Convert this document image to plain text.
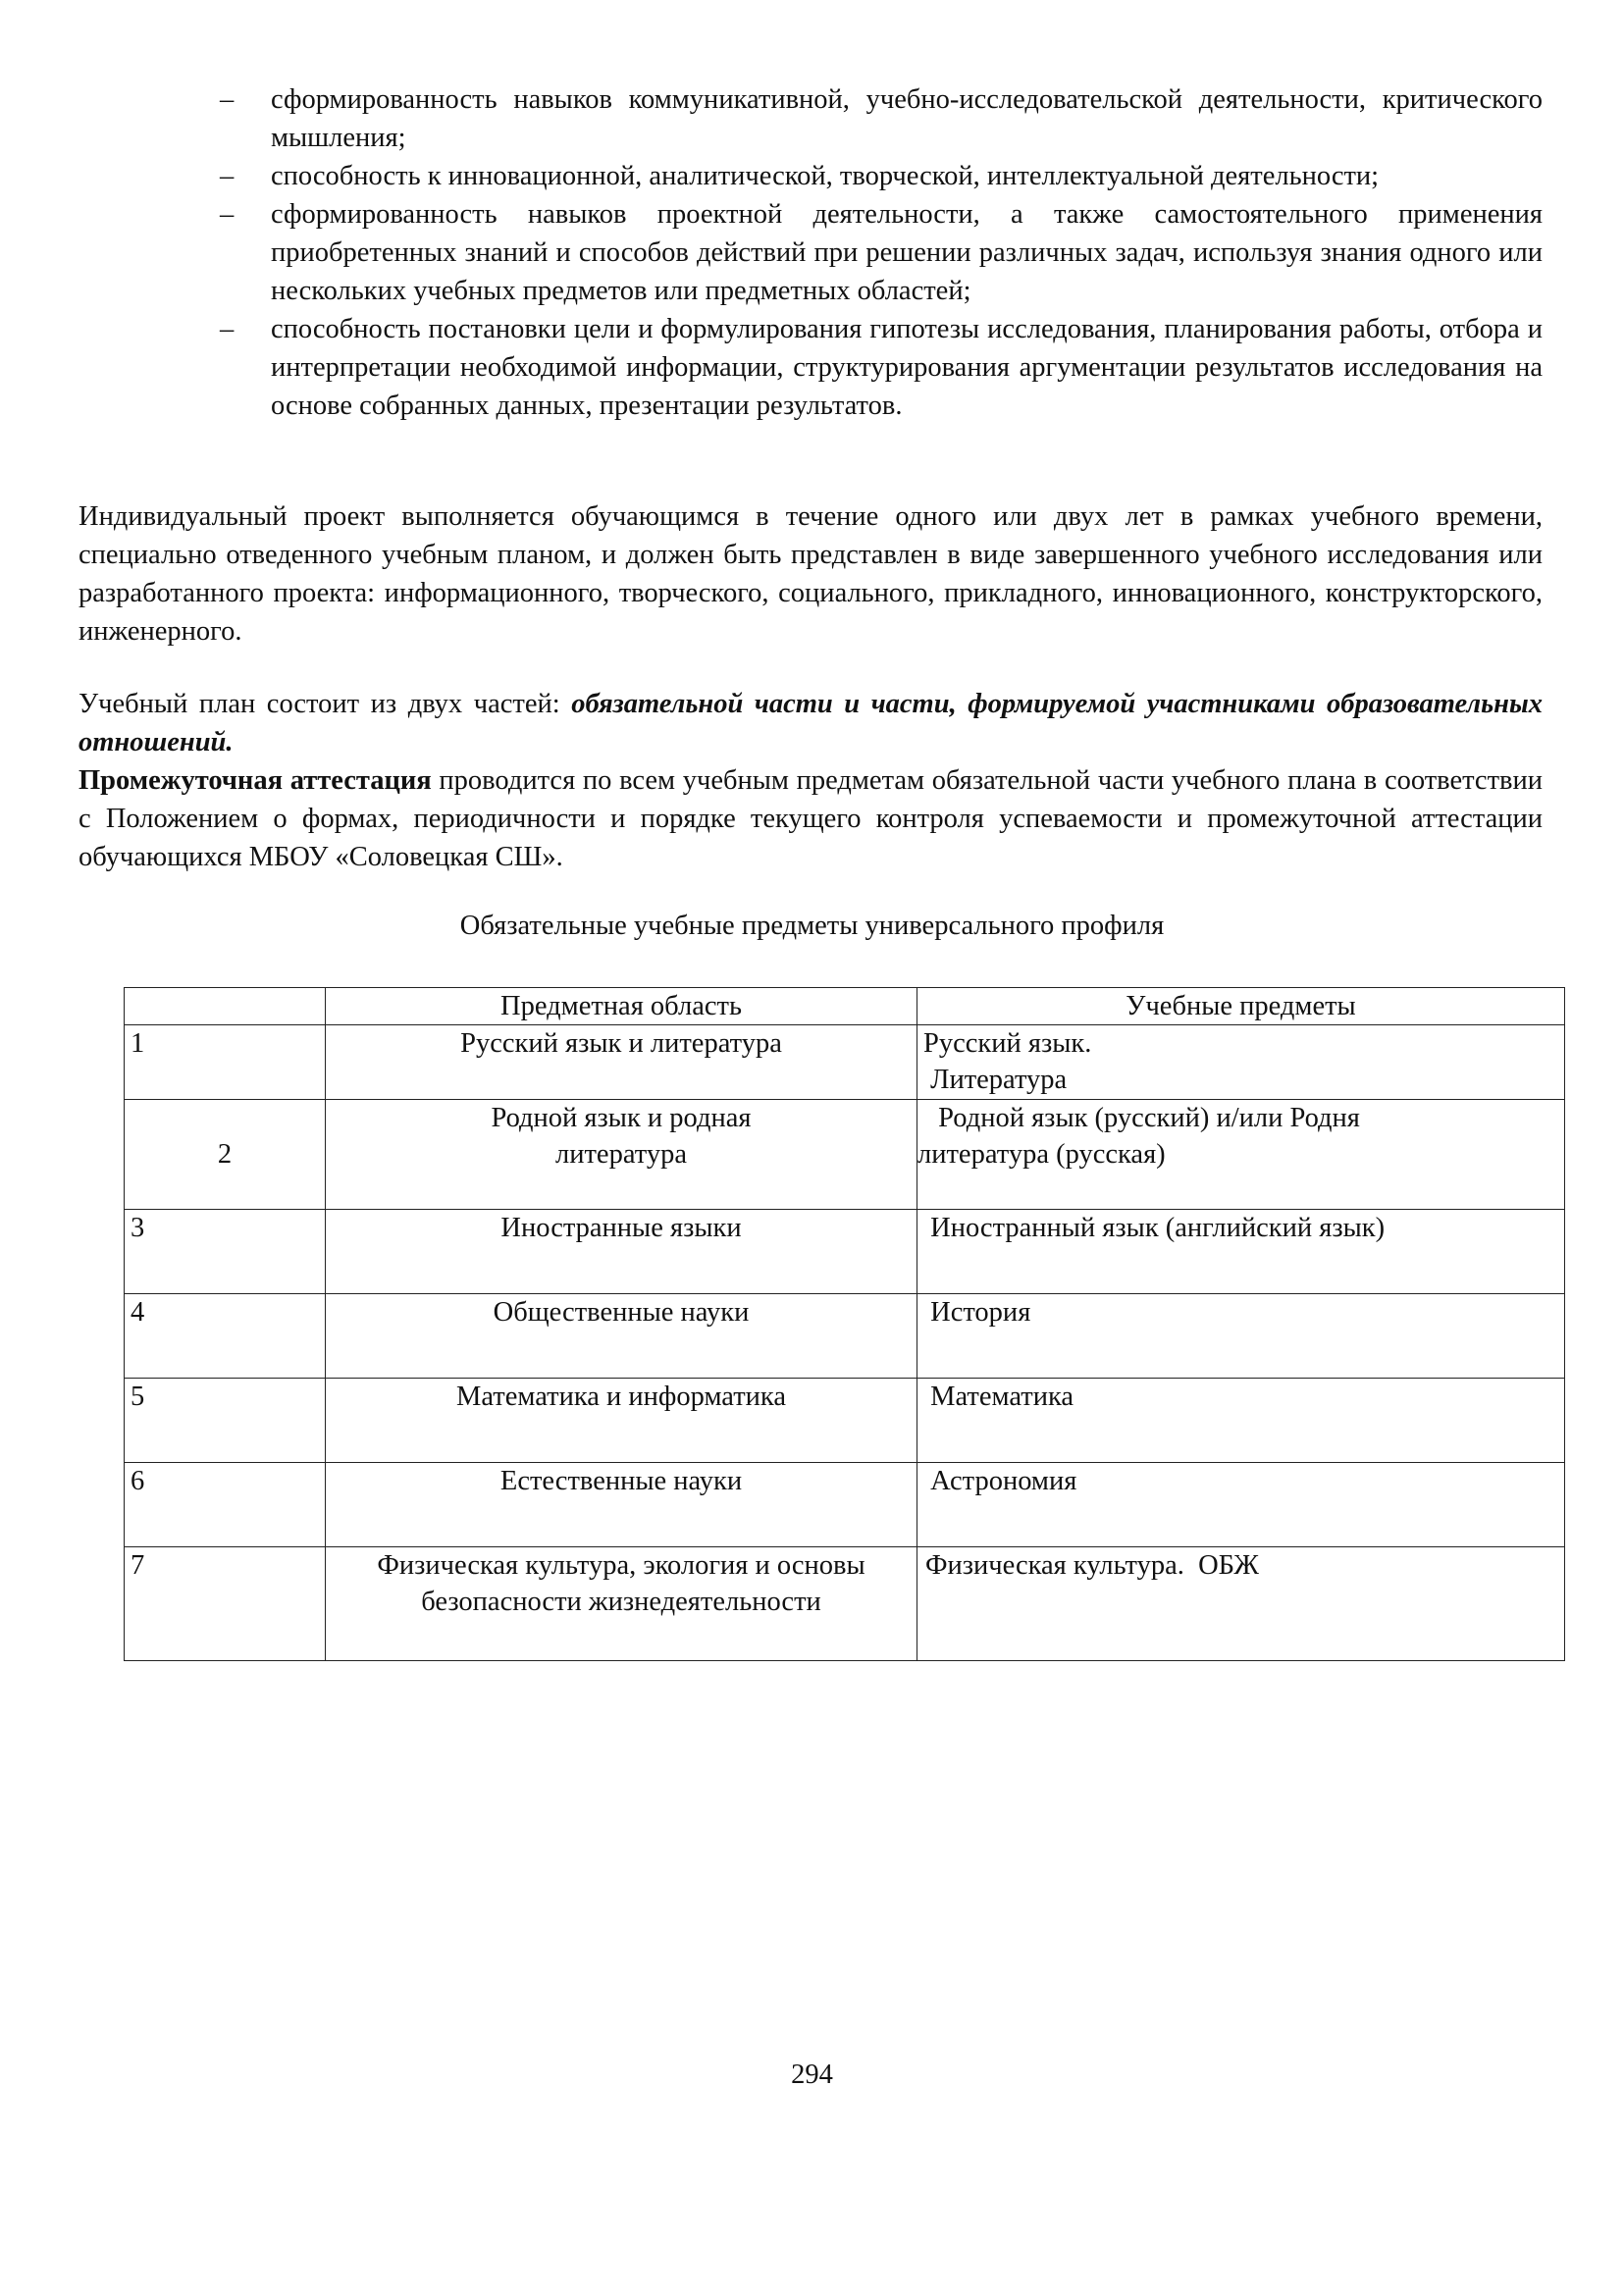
– сформированность навыков коммуникативной, учебно-исследовательской деятельности, критического мышления;
– способность к инновационной, аналитической, творческой, интеллектуальной деятельности;
– сформированность навыков проектной деятельности, а также самостоятельного применения приобретенных знаний и способов действий при решении различных задач, используя знания одного или нескольких учебных предметов или предметных областей;
– способность постановки цели и формулирования гипотезы исследования, планирования работы, отбора и интерпретации необходимой информации, структурирования аргументации результатов исследования на основе собранных данных, презентации результатов.

Индивидуальный проект выполняется обучающимся в течение одного или двух лет в рамках учебного времени, специально отведенного учебным планом, и должен быть представлен в виде завершенного учебного исследования или разработанного проекта: информационного, творческого, социального, прикладного, инновационного, конструкторского, инженерного.

Учебный план состоит из двух частей: обязательной части и части, формируемой участниками образовательных отношений.

Промежуточная аттестация проводится по всем учебным предметам обязательной части учебного плана в соответствии с Положением о формах, периодичности и порядке текущего контроля успеваемости и промежуточной аттестации обучающихся МБОУ «Соловецкая СШ».

Обязательные учебные предметы универсального профиля
	Предметная область	Учебные предметы
1	Русский язык и литература	Русский язык.
Литература

2	Родной язык и родная литература	Родной язык (русский) и/или Родня
литература (русская)

3	Иностранные языки	Иностранный язык (английский язык)
4	Общественные науки	История
5	Математика и информатика	Математика
6	Естественные науки	Астрономия
7	Физическая культура, экология и основы безопасности жизнедеятельности	Физическая культура.  ОБЖ
294
